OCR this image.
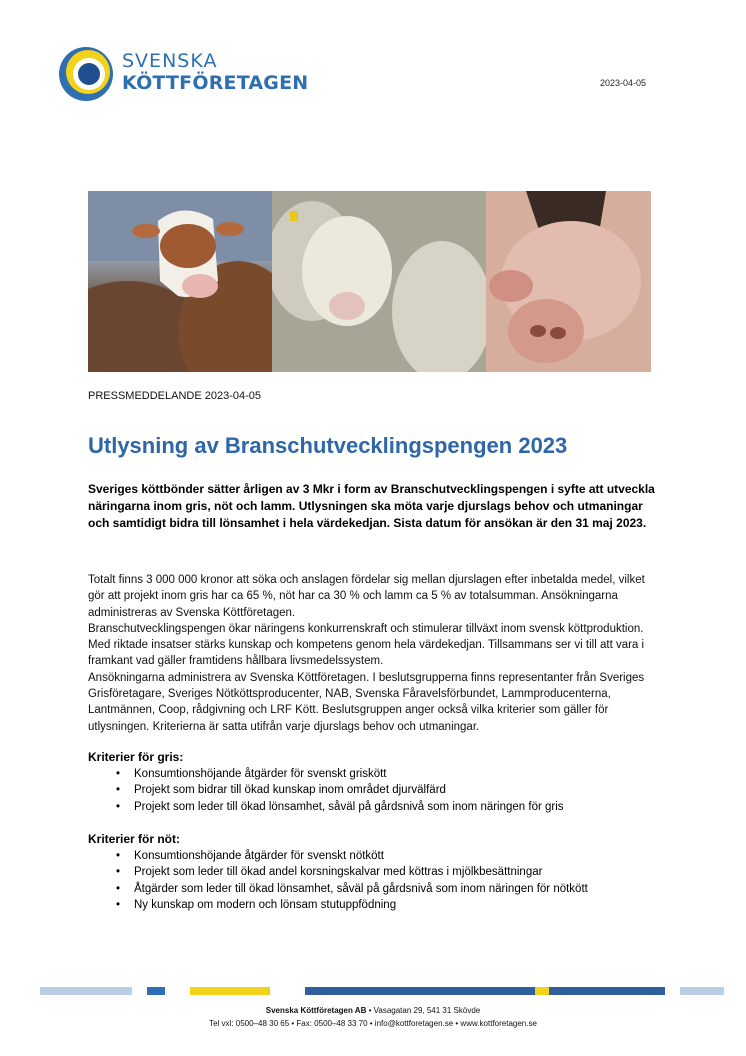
SVENSKA
KÖTTFÖRETAGEN	2023-04-05
PRESSMEDDELANDE 2023-04-05
Utlysning av Branschutvecklingspengen 2023

Sveriges köttbönder sätter årligen av 3 Mkr i form av Branschutvecklingspengen i syfte att utveckla näringarna inom gris, nöt och lamm. Utlysningen ska möta varje djurslags behov och utmaningar och samtidigt bidra till lönsamhet i hela värdekedjan. Sista datum för ansökan är den 31 maj 2023.

Totalt finns 3 000 000 kronor att söka och anslagen fördelar sig mellan djurslagen efter inbetalda medel, vilket gör att projekt inom gris har ca 65 %, nöt har ca 30 % och lamm ca 5 % av totalsumman. Ansökningarna administreras av Svenska Köttföretagen.

Branschutvecklingspengen ökar näringens konkurrenskraft och stimulerar tillväxt inom svensk köttproduktion. Med riktade insatser stärks kunskap och kompetens genom hela värdekedjan. Tillsammans ser vi till att vara i framkant vad gäller framtidens hållbara livsmedelssystem.

Ansökningarna administrera av Svenska Köttföretagen. I beslutsgrupperna finns representanter från Sveriges Grisföretagare, Sveriges Nötköttsproducenter, NAB, Svenska Fåravelsförbundet, Lammproducenterna, Lantmännen, Coop, rådgivning och LRF Kött. Beslutsgruppen anger också vilka kriterier som gäller för utlysningen. Kriterierna är satta utifrån varje djurslags behov och utmaningar.

Kriterier för gris:
• Konsumtionshöjande åtgärder för svenskt griskött
• Projekt som bidrar till ökad kunskap inom området djurvälfärd
• Projekt som leder till ökad lönsamhet, såväl på gårdsnivå som inom näringen för gris
Kriterier för nöt:
• Konsumtionshöjande åtgärder för svenskt nötkött
• Projekt som leder till ökad andel korsningskalvar med köttras i mjölkbesättningar
• Åtgärder som leder till ökad lönsamhet, såväl på gårdsnivå som inom näringen för nötkött
• Ny kunskap om modern och lönsam stutuppfödning
Svenska Köttföretagen AB • Vasagatan 29, 541 31 Skövde
Tel vxl: 0500–48 30 65 • Fax: 0500–48 33 70 • info@kottforetagen.se • www.kottforetagen.se
